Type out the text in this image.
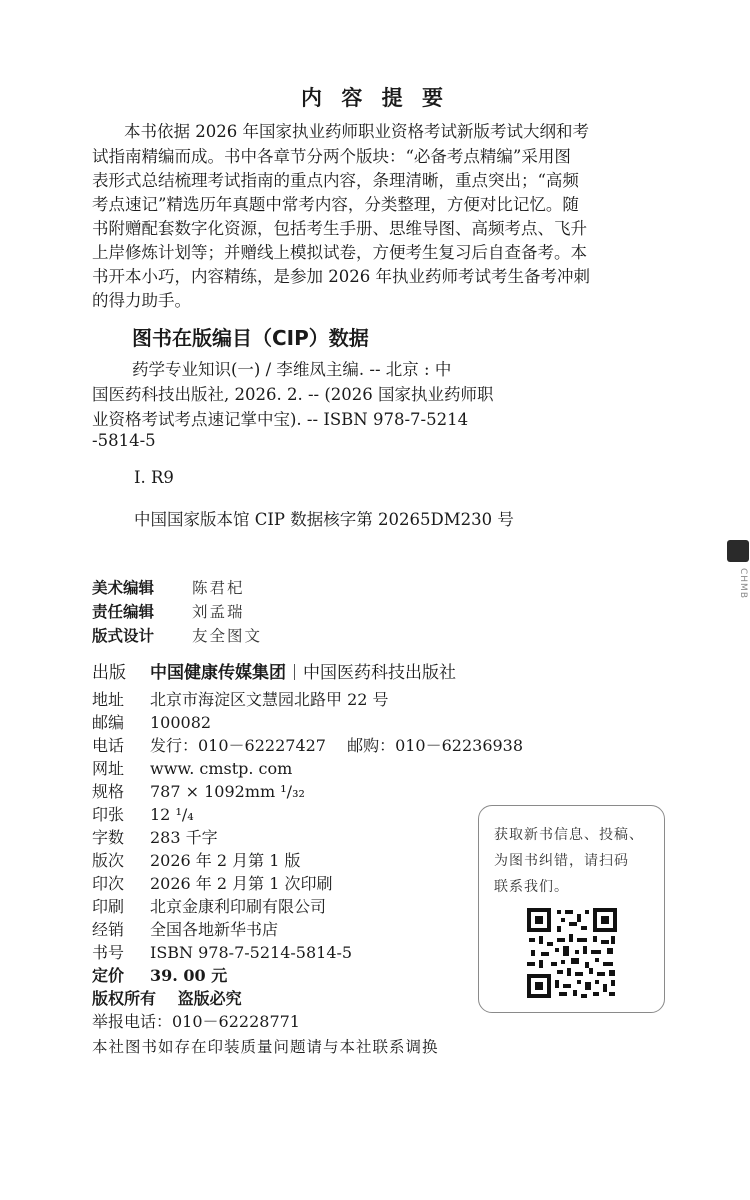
内 容 提 要
本书依据 2026 年国家执业药师职业资格考试新版考试大纲和考
试指南精编而成。书中各章节分两个版块：“必备考点精编”采用图
表形式总结梳理考试指南的重点内容，条理清晰，重点突出；“高频
考点速记”精选历年真题中常考内容，分类整理，方便对比记忆。随
书附赠配套数字化资源，包括考生手册、思维导图、高频考点、飞升
上岸修炼计划等；并赠线上模拟试卷，方便考生复习后自查备考。本
书开本小巧，内容精练，是参加 2026 年执业药师考试考生备考冲刺
的得力助手。
图书在版编目（CIP）数据
药学专业知识(一) / 李维凤主编. -- 北京 : 中
国医药科技出版社, 2026. 2. -- (2026 国家执业药师职
业资格考试考点速记掌中宝). -- ISBN 978-7-5214
-5814-5
Ⅰ. R9
中国国家版本馆 CIP 数据核字第 20265DM230 号
CHMB
美术编辑 陈君杞
责任编辑 刘孟瑞
版式设计 友全图文
出版 中国健康传媒集团 中国医药科技出版社
地址 北京市海淀区文慧园北路甲 22 号
邮编 100082
电话 发行：010－62227427　 邮购：010－62236938
网址 www. cmstp. com
规格 787 × 1092mm ¹/₃₂
印张 12 ¹/₄
字数 283 千字
版次 2026 年 2 月第 1 版
印次 2026 年 2 月第 1 次印刷
印刷 北京金康利印刷有限公司
经销 全国各地新华书店
书号 ISBN 978-7-5214-5814-5
定价 39. 00 元
版权所有　 盗版必究
举报电话：010－62228771
本社图书如存在印装质量问题请与本社联系调换
获取新书信息、投稿、
为图书纠错，请扫码
联系我们。
